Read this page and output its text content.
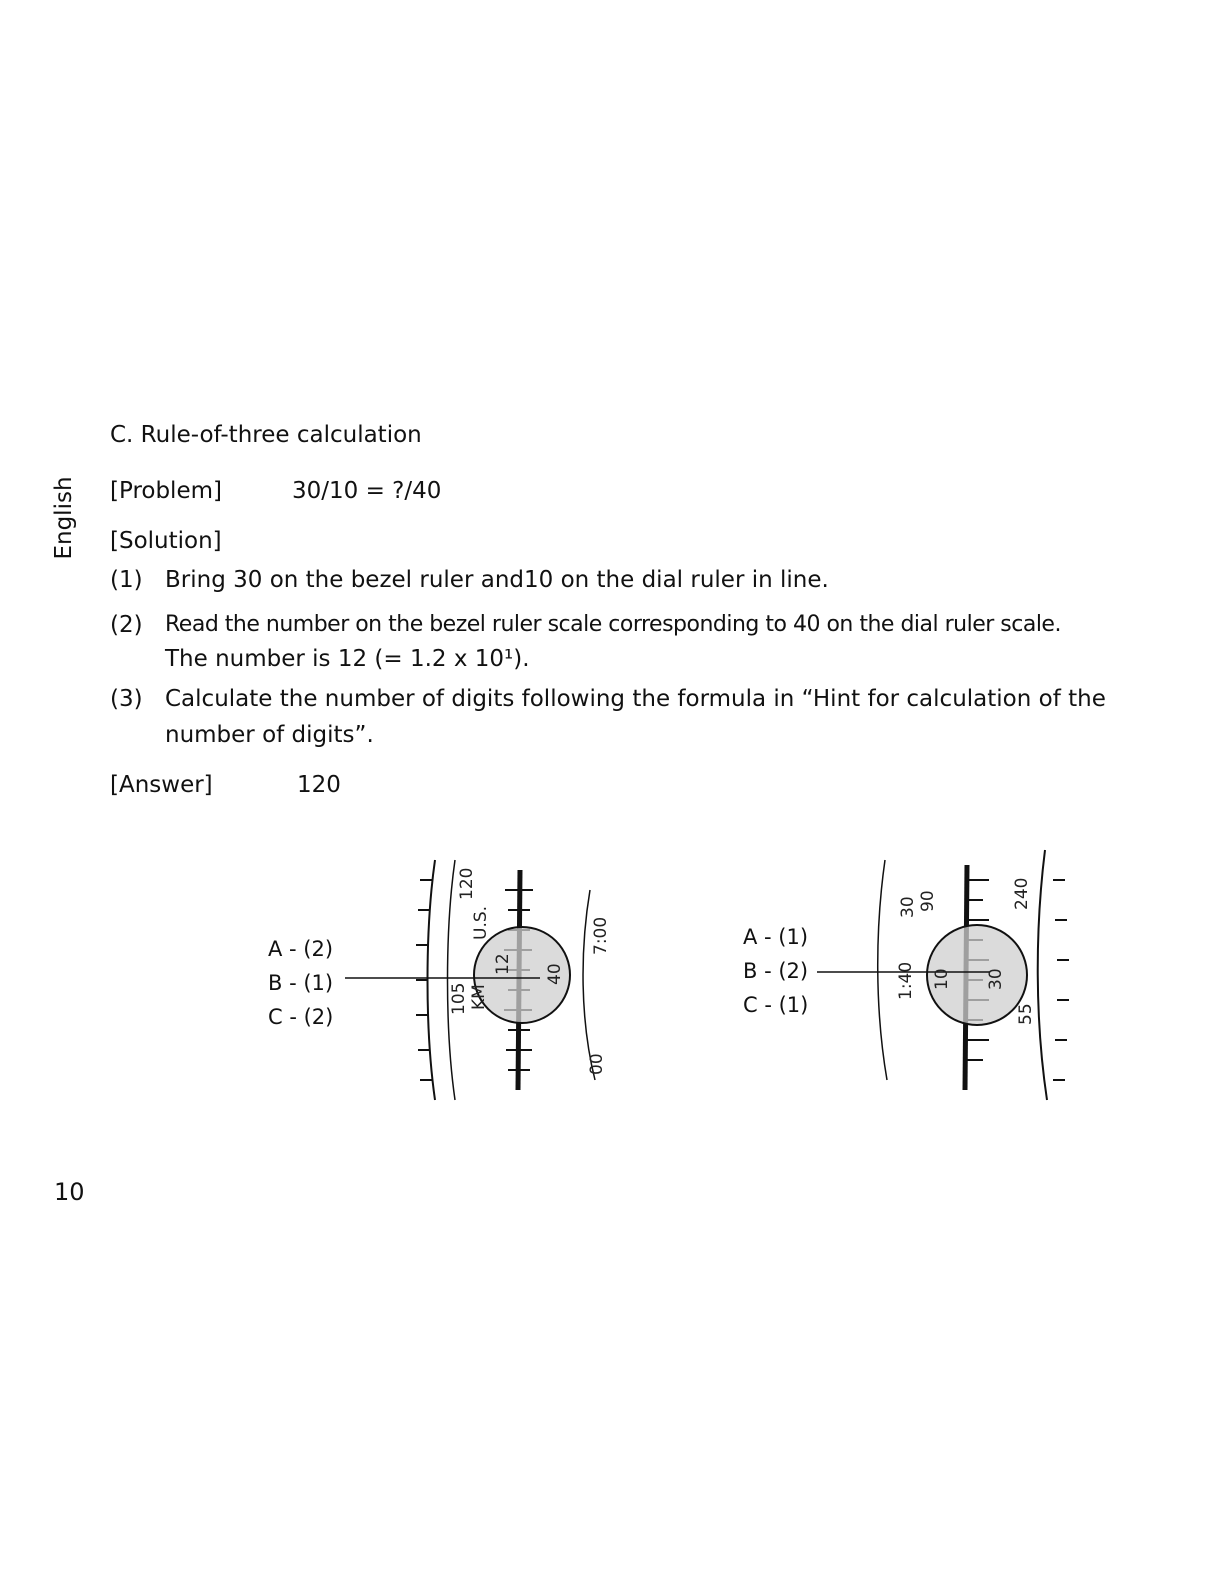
English
C. Rule-of-three calculation
[Problem]	30/10 = ?/40
[Solution]
(1) Bring 30 on the bezel ruler and10 on the dial ruler in line.
(2) Read the number on the bezel ruler scale corresponding to 40 on the dial ruler scale.
The number is 12 (= 1.2 x 10¹).
(3) Calculate the number of digits following the formula in “Hint for calculation of the
number of digits”.
[Answer]	120
120
U.S.
12
105 KM
40
7:00
00
A - (2)
B - (1)
C - (2)
90
30	240
10
1:40	30
55
A - (1)
B - (2)
C - (1)
10
